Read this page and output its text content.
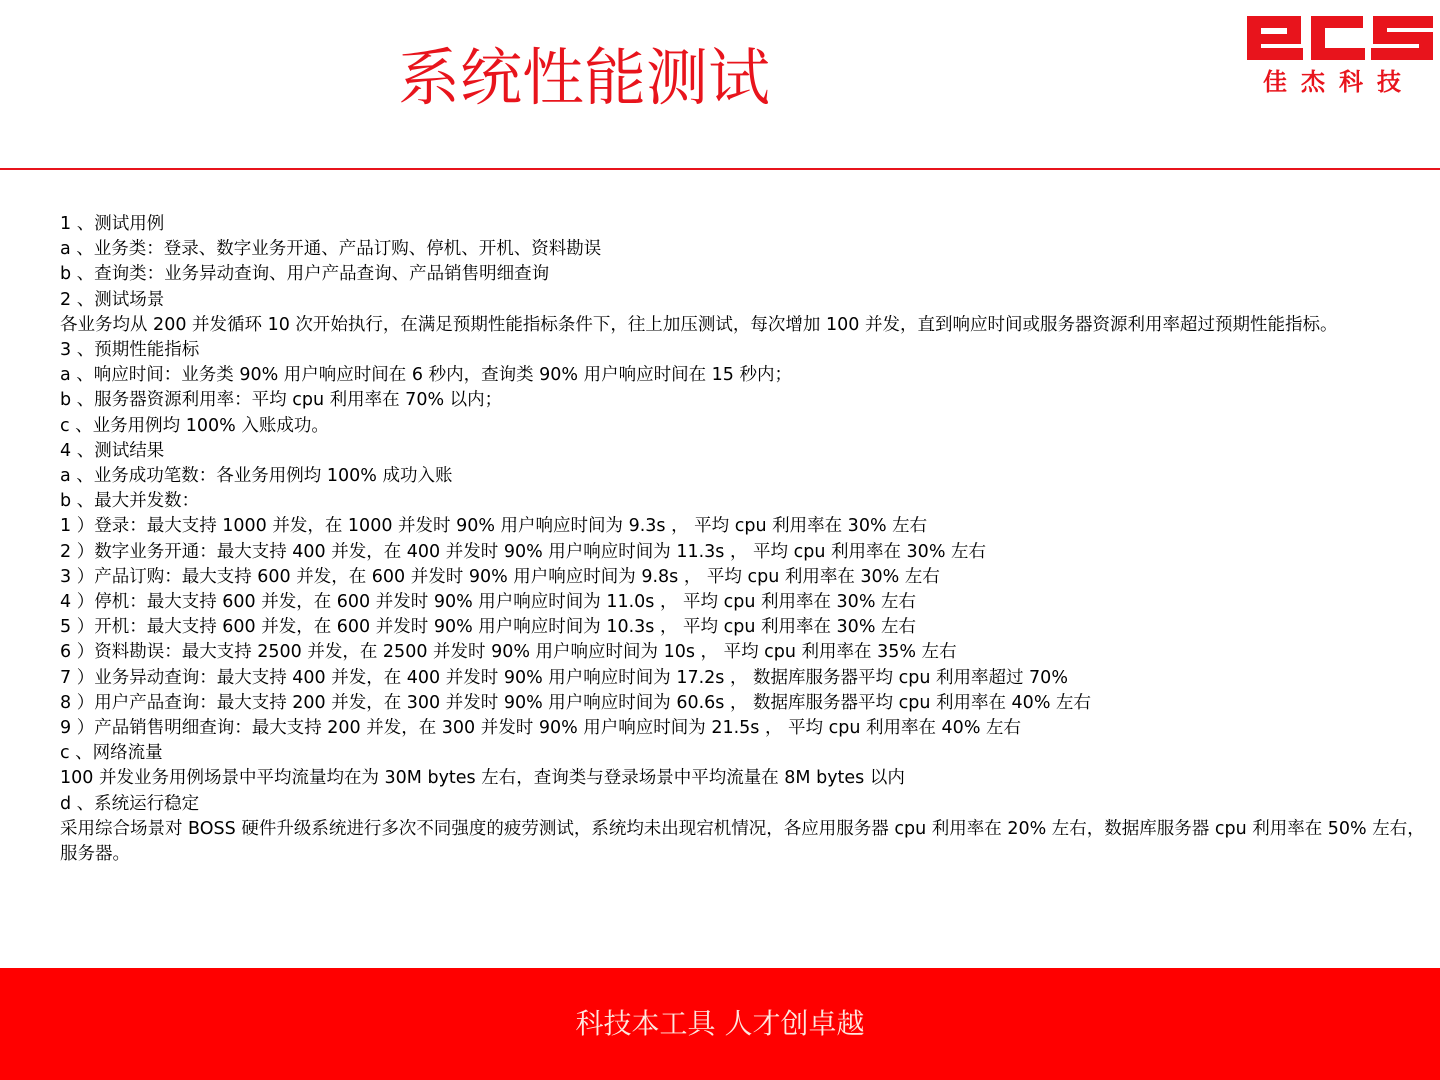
系统性能测试	佳杰科技
1 、测试用例
a 、业务类：登录、数字业务开通、产品订购、停机、开机、资料勘误
b 、查询类：业务异动查询、用户产品查询、产品销售明细查询
2 、测试场景
各业务均从 200 并发循环 10 次开始执行，在满足预期性能指标条件下，往上加压测试，每次增加 100 并发，直到响应时间或服务器资源利用率超过预期性能指标。
3 、预期性能指标
a 、响应时间：业务类 90% 用户响应时间在 6 秒内，查询类 90% 用户响应时间在 15 秒内；
b 、服务器资源利用率：平均 cpu 利用率在 70% 以内；
c 、业务用例均 100% 入账成功。
4 、测试结果
a 、业务成功笔数：各业务用例均 100% 成功入账
b 、最大并发数：
1 ）登录：最大支持 1000 并发，在 1000 并发时 90% 用户响应时间为 9.3s ， 平均 cpu 利用率在 30% 左右
2 ）数字业务开通：最大支持 400 并发，在 400 并发时 90% 用户响应时间为 11.3s ， 平均 cpu 利用率在 30% 左右
3 ）产品订购：最大支持 600 并发，在 600 并发时 90% 用户响应时间为 9.8s ， 平均 cpu 利用率在 30% 左右
4 ）停机：最大支持 600 并发，在 600 并发时 90% 用户响应时间为 11.0s ， 平均 cpu 利用率在 30% 左右
5 ）开机：最大支持 600 并发，在 600 并发时 90% 用户响应时间为 10.3s ， 平均 cpu 利用率在 30% 左右
6 ）资料勘误：最大支持 2500 并发，在 2500 并发时 90% 用户响应时间为 10s ， 平均 cpu 利用率在 35% 左右
7 ）业务异动查询：最大支持 400 并发，在 400 并发时 90% 用户响应时间为 17.2s ， 数据库服务器平均 cpu 利用率超过 70%
8 ）用户产品查询：最大支持 200 并发，在 300 并发时 90% 用户响应时间为 60.6s ， 数据库服务器平均 cpu 利用率在 40% 左右
9 ）产品销售明细查询：最大支持 200 并发，在 300 并发时 90% 用户响应时间为 21.5s ， 平均 cpu 利用率在 40% 左右
c 、网络流量
100 并发业务用例场景中平均流量均在为 30M bytes 左右，查询类与登录场景中平均流量在 8M bytes 以内
d 、系统运行稳定
采用综合场景对 BOSS 硬件升级系统进行多次不同强度的疲劳测试，系统均未出现宕机情况，各应用服务器 cpu 利用率在 20% 左右，数据库服务器 cpu 利用率在 50% 左右，服务器。
科技本工具 人才创卓越
